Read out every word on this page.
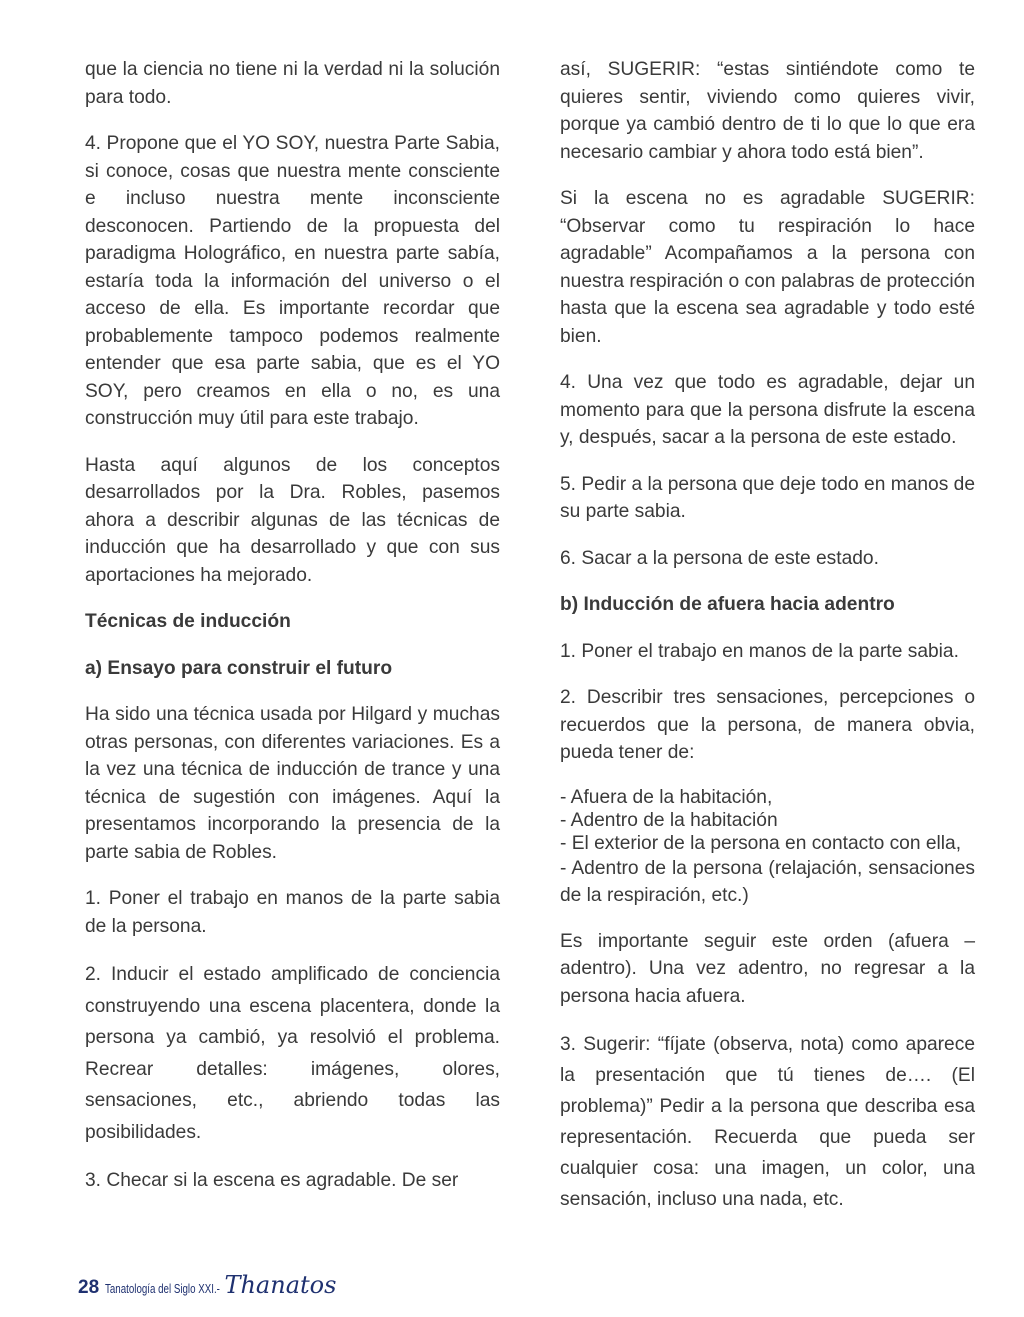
que la ciencia no tiene ni la verdad ni la solución para todo.

4. Propone que el YO SOY, nuestra Parte Sabia, si conoce, cosas que nuestra mente consciente e incluso nuestra mente inconsciente desconocen. Partiendo de la propuesta del paradigma Holográfico, en nuestra parte sabía, estaría toda la información del universo o el acceso de ella. Es importante recordar que probablemente tampoco podemos realmente entender que esa parte sabia, que es el YO SOY, pero creamos en ella o no, es una construcción muy útil para este trabajo.

Hasta aquí algunos de los conceptos desarrollados por la Dra. Robles, pasemos ahora a describir algunas de las técnicas de inducción que ha desarrollado y que con sus aportaciones ha mejorado.

Técnicas de inducción

a) Ensayo para construir el futuro

Ha sido una técnica usada por Hilgard y muchas otras personas, con diferentes variaciones. Es a la vez una técnica de inducción de trance y una técnica de sugestión con imágenes. Aquí la presentamos incorporando la presencia de la parte sabia de Robles.

1. Poner el trabajo en manos de la parte sabia de la persona.

2. Inducir el estado amplificado de conciencia construyendo una escena placentera, donde la persona ya cambió, ya resolvió el problema. Recrear detalles: imágenes, olores, sensaciones, etc., abriendo todas las posibilidades.

3. Checar si la escena es agradable. De ser

así, SUGERIR: “estas sintiéndote como te quieres sentir, viviendo como quieres vivir, porque ya cambió dentro de ti lo que lo que era necesario cambiar y ahora todo está bien”.

Si la escena no es agradable SUGERIR: “Observar como tu respiración lo hace agradable” Acompañamos a la persona con nuestra respiración o con palabras de protección hasta que la escena sea agradable y todo esté bien.

4. Una vez que todo es agradable, dejar un momento para que la persona disfrute la escena y, después, sacar a la persona de este estado.

5. Pedir a la persona que deje todo en manos de su parte sabia.

6. Sacar a la persona de este estado.

b) Inducción de afuera hacia adentro

1. Poner el trabajo en manos de la parte sabia.

2. Describir tres sensaciones, percepciones o recuerdos que la persona, de manera obvia, pueda tener de:

- Afuera de la habitación,
- Adentro de la habitación
- El exterior de la persona en contacto con ella,
- Adentro de la persona (relajación, sensaciones de la respiración, etc.)

Es importante seguir este orden (afuera –adentro). Una vez adentro, no regresar a la persona hacia afuera.

3. Sugerir: “fíjate (observa, nota) como aparece la presentación que tú tienes de…. (El problema)” Pedir a la persona que describa esa representación. Recuerda que pueda ser cualquier cosa: una imagen, un color, una sensación, incluso una nada, etc.

28 Tanatología del Siglo XXI.- Thanatos
